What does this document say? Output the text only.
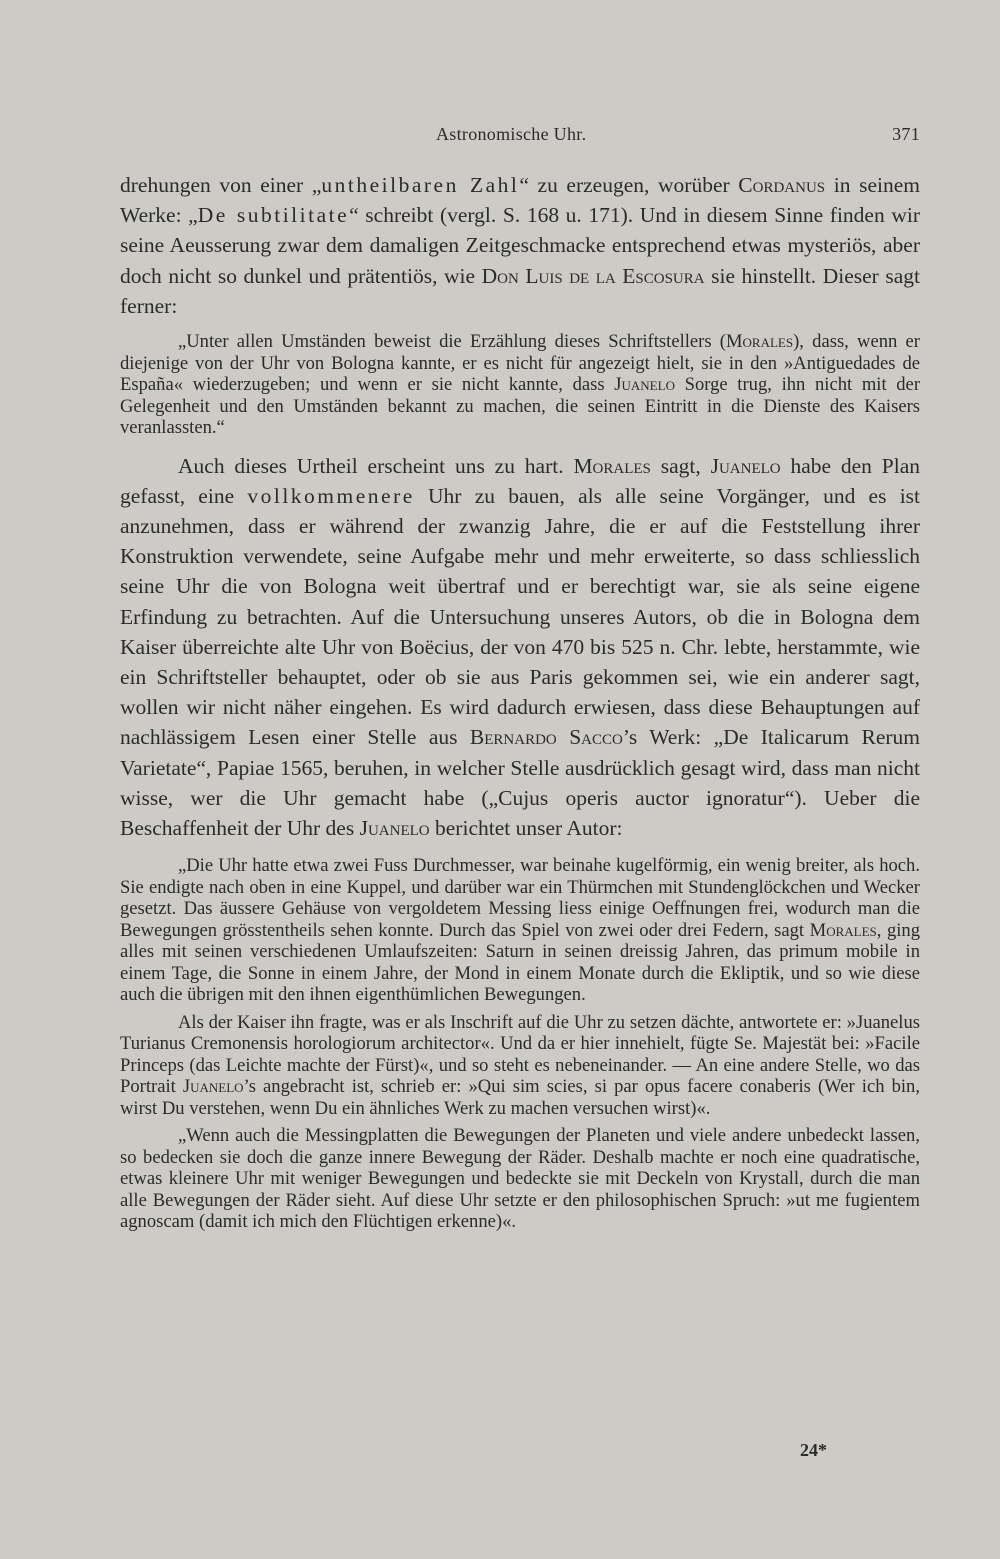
Astronomische Uhr.	371

drehungen von einer „untheilbaren Zahl“ zu erzeugen, worüber Cordanus in seinem Werke: „De subtilitate“ schreibt (vergl. S. 168 u. 171). Und in diesem Sinne finden wir seine Aeusserung zwar dem damaligen Zeitgeschmacke entsprechend etwas mysteriös, aber doch nicht so dunkel und prätentiös, wie Don Luis de la Escosura sie hinstellt. Dieser sagt ferner:

„Unter allen Umständen beweist die Erzählung dieses Schriftstellers (Morales), dass, wenn er diejenige von der Uhr von Bologna kannte, er es nicht für angezeigt hielt, sie in den »Antiguedades de España« wiederzugeben; und wenn er sie nicht kannte, dass Juanelo Sorge trug, ihn nicht mit der Gelegenheit und den Umständen bekannt zu machen, die seinen Eintritt in die Dienste des Kaisers veranlassten.“

Auch dieses Urtheil erscheint uns zu hart. Morales sagt, Juanelo habe den Plan gefasst, eine vollkommenere Uhr zu bauen, als alle seine Vorgänger, und es ist anzunehmen, dass er während der zwanzig Jahre, die er auf die Feststellung ihrer Konstruktion verwendete, seine Aufgabe mehr und mehr erweiterte, so dass schliesslich seine Uhr die von Bologna weit übertraf und er berechtigt war, sie als seine eigene Erfindung zu betrachten. Auf die Untersuchung unseres Autors, ob die in Bologna dem Kaiser überreichte alte Uhr von Boëcius, der von 470 bis 525 n. Chr. lebte, herstammte, wie ein Schriftsteller behauptet, oder ob sie aus Paris gekommen sei, wie ein anderer sagt, wollen wir nicht näher eingehen. Es wird dadurch erwiesen, dass diese Behauptungen auf nachlässigem Lesen einer Stelle aus Bernardo Sacco’s Werk: „De Italicarum Rerum Varietate“, Papiae 1565, beruhen, in welcher Stelle ausdrücklich gesagt wird, dass man nicht wisse, wer die Uhr gemacht habe („Cujus operis auctor ignoratur“). Ueber die Beschaffenheit der Uhr des Juanelo berichtet unser Autor:

„Die Uhr hatte etwa zwei Fuss Durchmesser, war beinahe kugelförmig, ein wenig breiter, als hoch. Sie endigte nach oben in eine Kuppel, und darüber war ein Thürmchen mit Stundenglöckchen und Wecker gesetzt. Das äussere Gehäuse von vergoldetem Messing liess einige Oeffnungen frei, wodurch man die Bewegungen grösstentheils sehen konnte. Durch das Spiel von zwei oder drei Federn, sagt Morales, ging alles mit seinen verschiedenen Umlaufszeiten: Saturn in seinen dreissig Jahren, das primum mobile in einem Tage, die Sonne in einem Jahre, der Mond in einem Monate durch die Ekliptik, und so wie diese auch die übrigen mit den ihnen eigenthümlichen Bewegungen.

Als der Kaiser ihn fragte, was er als Inschrift auf die Uhr zu setzen dächte, antwortete er: »Juanelus Turianus Cremonensis horologiorum architector«. Und da er hier innehielt, fügte Se. Majestät bei: »Facile Princeps (das Leichte machte der Fürst)«, und so steht es nebeneinander. — An eine andere Stelle, wo das Portrait Juanelo’s angebracht ist, schrieb er: »Qui sim scies, si par opus facere conaberis (Wer ich bin, wirst Du verstehen, wenn Du ein ähnliches Werk zu machen versuchen wirst)«.

„Wenn auch die Messingplatten die Bewegungen der Planeten und viele andere unbedeckt lassen, so bedecken sie doch die ganze innere Bewegung der Räder. Deshalb machte er noch eine quadratische, etwas kleinere Uhr mit weniger Bewegungen und bedeckte sie mit Deckeln von Krystall, durch die man alle Bewegungen der Räder sieht. Auf diese Uhr setzte er den philosophischen Spruch: »ut me fugientem agnoscam (damit ich mich den Flüchtigen erkenne)«.

24*
